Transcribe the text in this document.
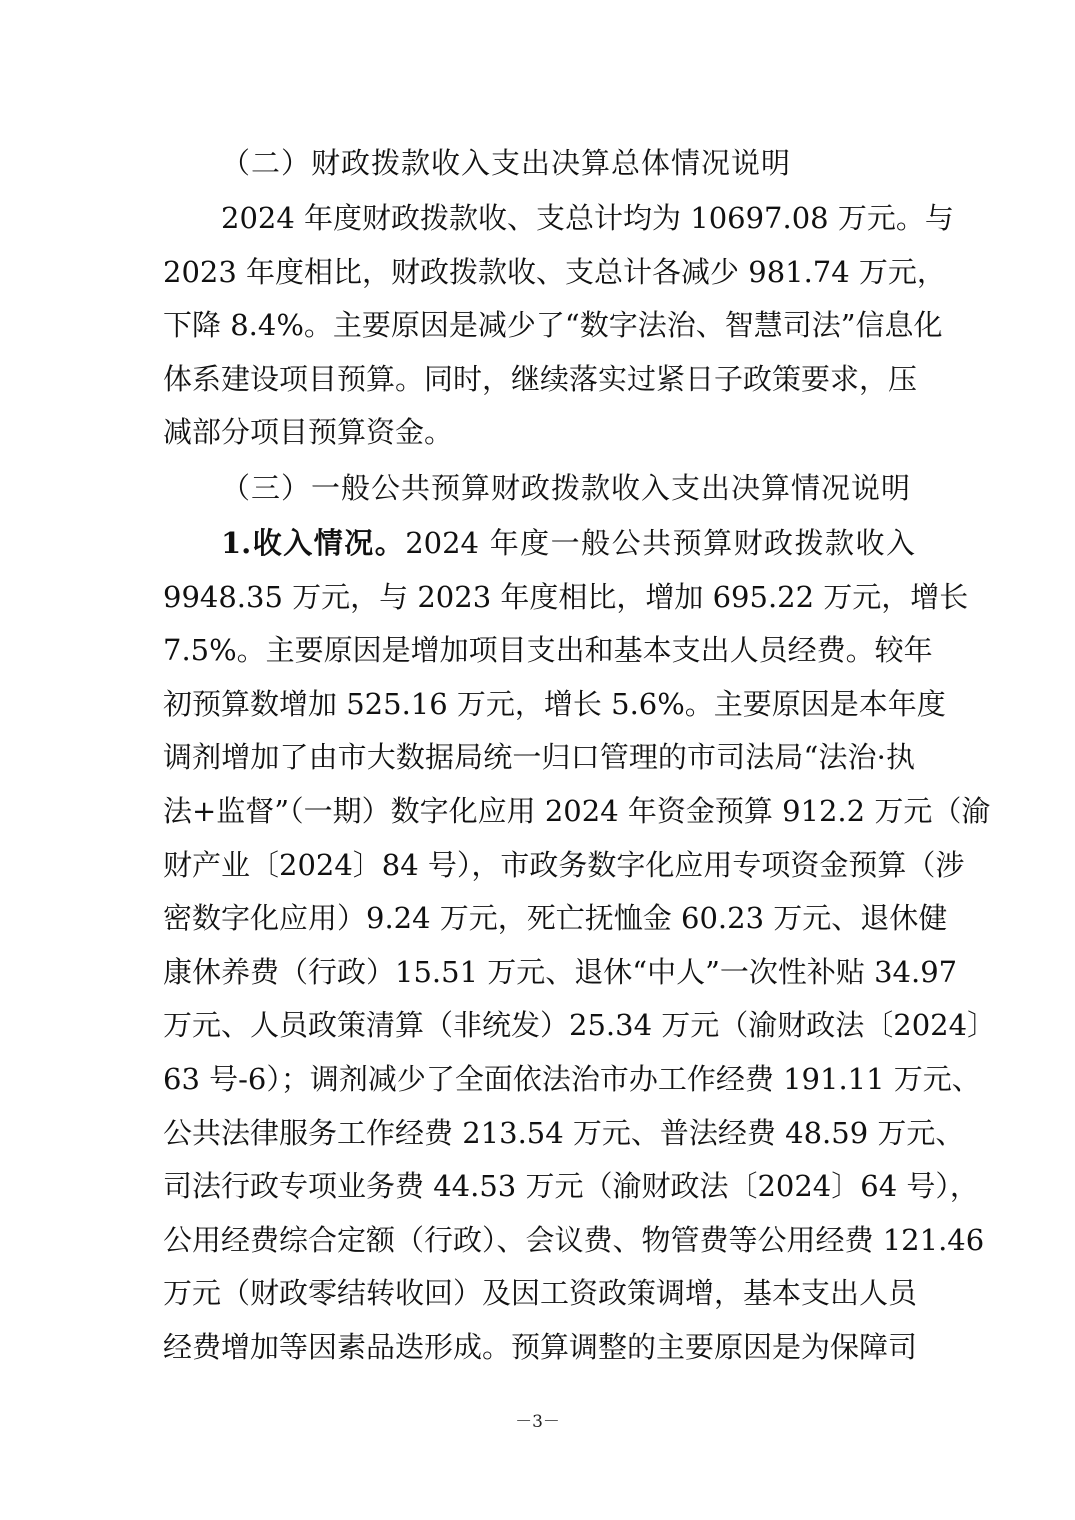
（二）财政拨款收入支出决算总体情况说明
2024 年度财政拨款收、支总计均为 10697.08 万元。与
2023 年度相比，财政拨款收、支总计各减少 981.74 万元，
下降 8.4%。主要原因是减少了“数字法治、智慧司法”信息化
体系建设项目预算。同时，继续落实过紧日子政策要求，压
减部分项目预算资金。
（三）一般公共预算财政拨款收入支出决算情况说明
1.收入情况。2024 年度一般公共预算财政拨款收入
9948.35 万元，与 2023 年度相比，增加 695.22 万元，增长
7.5%。主要原因是增加项目支出和基本支出人员经费。较年
初预算数增加 525.16 万元，增长 5.6%。主要原因是本年度
调剂增加了由市大数据局统一归口管理的市司法局“法治·执
法+监督”（一期）数字化应用 2024 年资金预算 912.2 万元（渝
财产业〔2024〕84 号），市政务数字化应用专项资金预算（涉
密数字化应用）9.24 万元，死亡抚恤金 60.23 万元、退休健
康休养费（行政）15.51 万元、退休“中人”一次性补贴 34.97
万元、人员政策清算（非统发）25.34 万元（渝财政法〔2024〕
63 号-6）；调剂减少了全面依法治市办工作经费 191.11 万元、
公共法律服务工作经费 213.54 万元、普法经费 48.59 万元、
司法行政专项业务费 44.53 万元（渝财政法〔2024〕64 号），
公用经费综合定额（行政）、会议费、物管费等公用经费 121.46
万元（财政零结转收回）及因工资政策调增，基本支出人员
经费增加等因素品迭形成。预算调整的主要原因是为保障司
－3－
